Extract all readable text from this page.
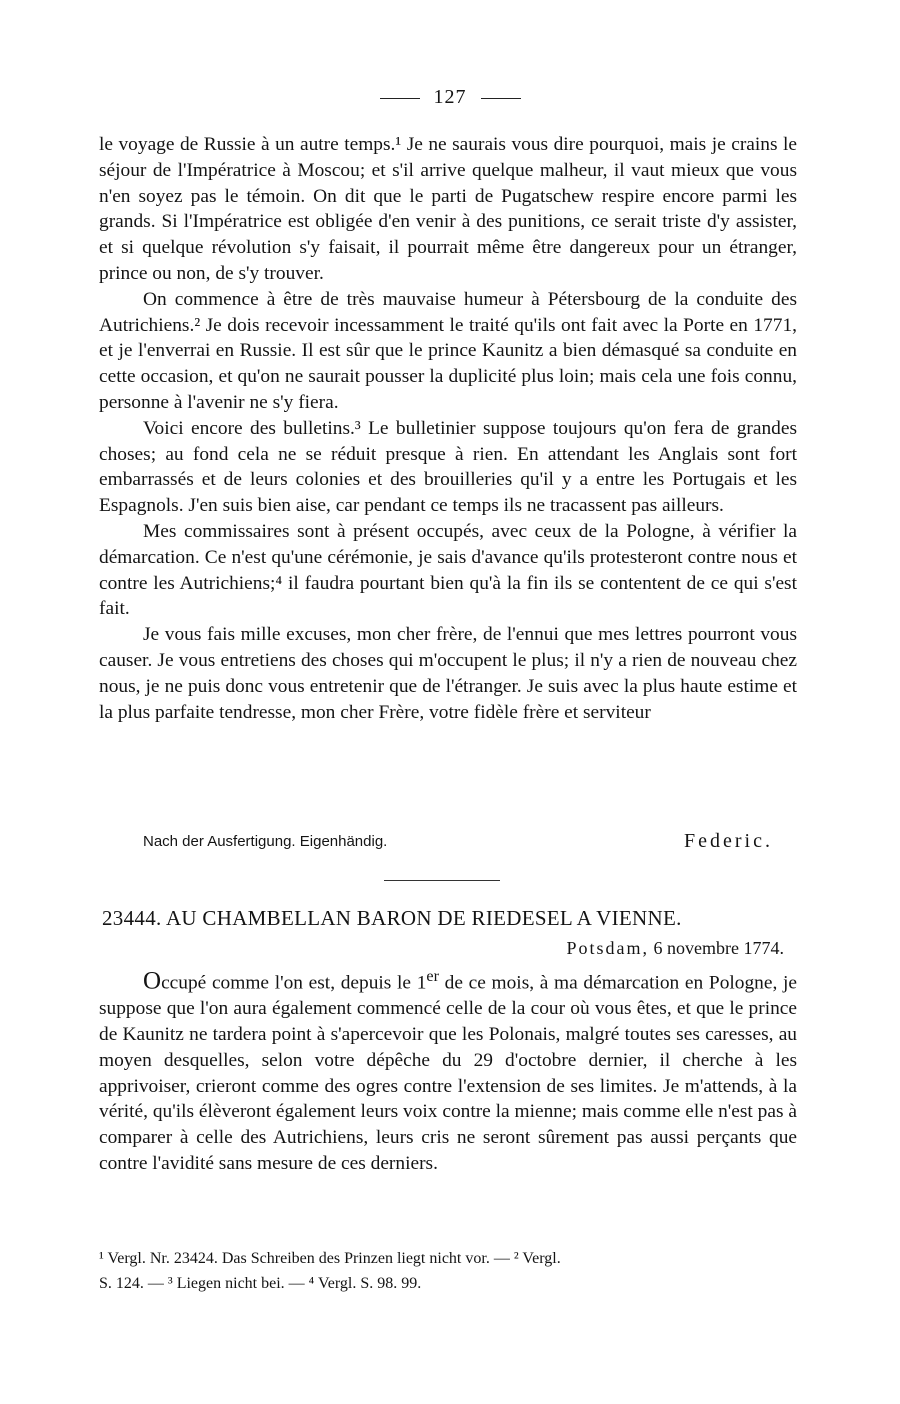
127

le voyage de Russie à un autre temps.¹ Je ne saurais vous dire pourquoi, mais je crains le séjour de l'Impératrice à Moscou; et s'il arrive quelque malheur, il vaut mieux que vous n'en soyez pas le témoin. On dit que le parti de Pugatschew respire encore parmi les grands. Si l'Impératrice est obligée d'en venir à des punitions, ce serait triste d'y assister, et si quelque révolution s'y faisait, il pourrait même être dangereux pour un étranger, prince ou non, de s'y trouver.

On commence à être de très mauvaise humeur à Pétersbourg de la conduite des Autrichiens.² Je dois recevoir incessamment le traité qu'ils ont fait avec la Porte en 1771, et je l'enverrai en Russie. Il est sûr que le prince Kaunitz a bien démasqué sa conduite en cette occasion, et qu'on ne saurait pousser la duplicité plus loin; mais cela une fois connu, personne à l'avenir ne s'y fiera.

Voici encore des bulletins.³ Le bulletinier suppose toujours qu'on fera de grandes choses; au fond cela ne se réduit presque à rien. En attendant les Anglais sont fort embarrassés et de leurs colonies et des brouilleries qu'il y a entre les Portugais et les Espagnols. J'en suis bien aise, car pendant ce temps ils ne tracassent pas ailleurs.

Mes commissaires sont à présent occupés, avec ceux de la Pologne, à vérifier la démarcation. Ce n'est qu'une cérémonie, je sais d'avance qu'ils protesteront contre nous et contre les Autrichiens;⁴ il faudra pourtant bien qu'à la fin ils se contentent de ce qui s'est fait.

Je vous fais mille excuses, mon cher frère, de l'ennui que mes lettres pourront vous causer. Je vous entretiens des choses qui m'occupent le plus; il n'y a rien de nouveau chez nous, je ne puis donc vous entretenir que de l'étranger. Je suis avec la plus haute estime et la plus parfaite tendresse, mon cher Frère, votre fidèle frère et serviteur

Nach der Ausfertigung. Eigenhändig.	Federic.
23444. AU CHAMBELLAN BARON DE RIEDESEL A VIENNE.
Potsdam, 6 novembre 1774.

Occupé comme l'on est, depuis le 1er de ce mois, à ma démarcation en Pologne, je suppose que l'on aura également commencé celle de la cour où vous êtes, et que le prince de Kaunitz ne tardera point à s'apercevoir que les Polonais, malgré toutes ses caresses, au moyen desquelles, selon votre dépêche du 29 d'octobre dernier, il cherche à les apprivoiser, crieront comme des ogres contre l'extension de ses limites. Je m'attends, à la vérité, qu'ils élèveront également leurs voix contre la mienne; mais comme elle n'est pas à comparer à celle des Autrichiens, leurs cris ne seront sûrement pas aussi perçants que contre l'avidité sans mesure de ces derniers.

¹ Vergl. Nr. 23424. Das Schreiben des Prinzen liegt nicht vor. — ² Vergl.

S. 124. — ³ Liegen nicht bei. — ⁴ Vergl. S. 98. 99.
